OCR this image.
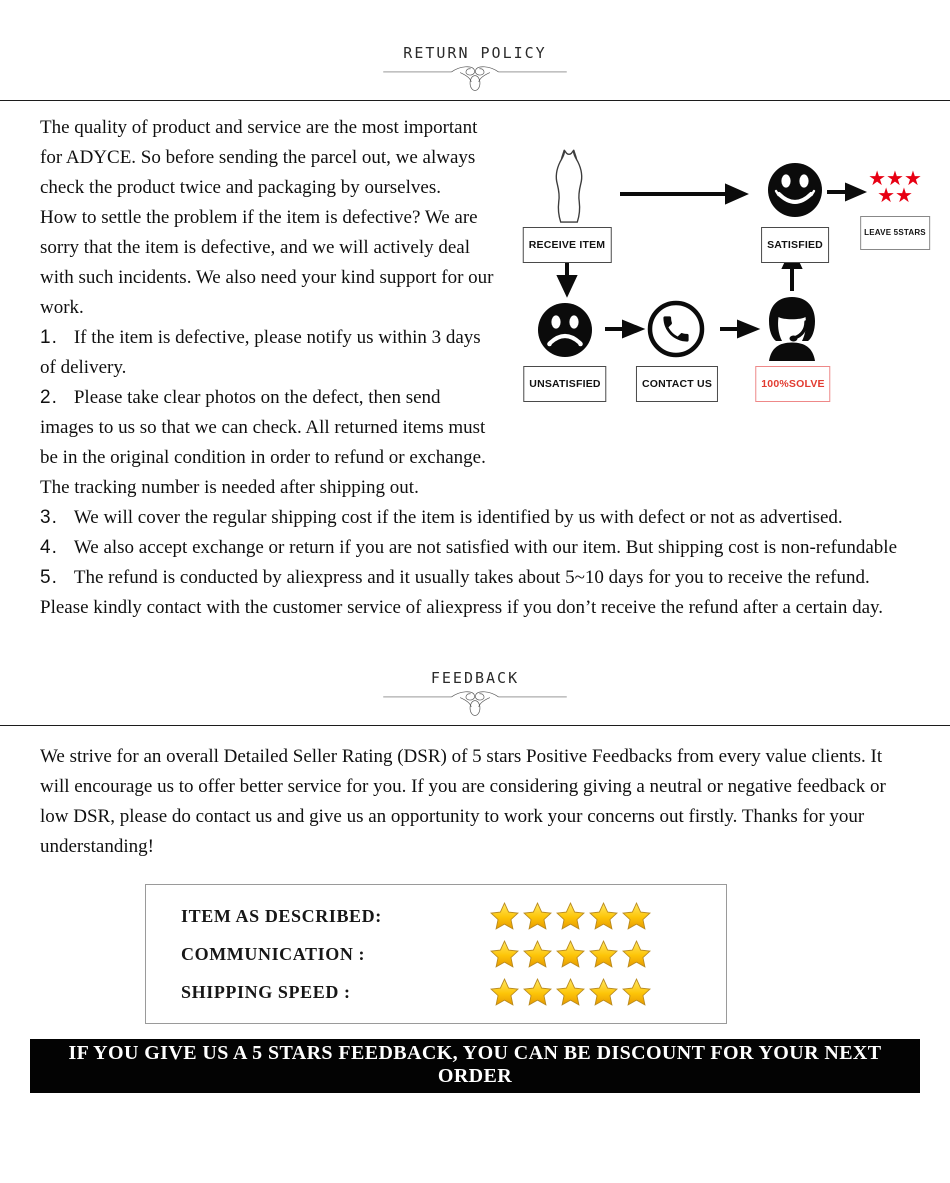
RETURN POLICY
RECEIVE ITEM	SATISFIED
★★★
★★
LEAVE 5STARS
UNSATISFIED	CONTACT US	100%SOLVE

The quality of product and service are the most important for ADYCE. So before sending the parcel out, we always check the product twice and packaging by ourselves.

How to settle the problem if the item is defective? We are sorry that the item is defective, and we will actively deal with such incidents. We also need your kind support for our work.

1. If the item is defective, please notify us within 3 days of delivery.

2. Please take clear photos on the defect, then send images to us so that we can check. All returned items must be in the original condition in order to refund or exchange. The tracking number is needed after shipping out.

3. We will cover the regular shipping cost if the item is identified by us with defect or not as advertised.

4. We also accept exchange or return if you are not satisfied with our item. But shipping cost is non-refundable

5. The refund is conducted by aliexpress and it usually takes about 5~10 days for you to receive the refund. Please kindly contact with the customer service of aliexpress if you don’t receive the refund after a certain day.

FEEDBACK

We strive for an overall Detailed Seller Rating (DSR) of 5 stars Positive Feedbacks from every value clients. It will encourage us to offer better service for you. If you are considering giving a neutral or negative feedback or low DSR, please do contact us and give us an opportunity to work your concerns out firstly. Thanks for your understanding!

ITEM AS DESCRIBED:
COMMUNICATION :
SHIPPING SPEED :
IF YOU GIVE US A 5 STARS FEEDBACK, YOU CAN BE DISCOUNT FOR YOUR NEXT ORDER
